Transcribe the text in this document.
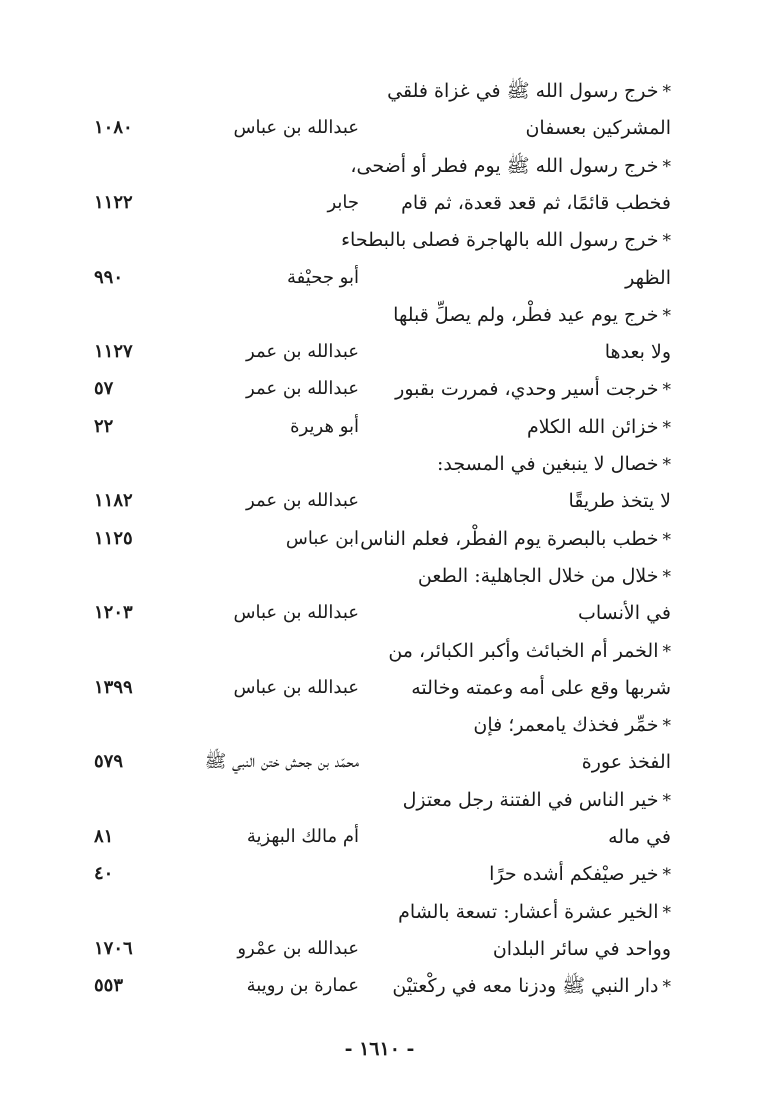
*خرج رسول الله ﷺ في غزاة فلقي
المشركين بعسفان
عبدالله بن عباس
١٠٨٠
*خرج رسول الله ﷺ يوم فطر أو أضحى،
فخطب قائمًا، ثم قعد قعدة، ثم قام
جابر
١١٢٢
*خرج رسول الله بالهاجرة فصلى بالبطحاء
الظهر
أبو جحيْفة
٩٩٠
*خرج يوم عيد فطْر، ولم يصلِّ قبلها
ولا بعدها
عبدالله بن عمر
١١٢٧
*خرجت أسير وحدي، فمررت بقبور
عبدالله بن عمر
٥٧
*خزائن الله الكلام
أبو هريرة
٢٢
*خصال لا ينبغين في المسجد:
لا يتخذ طريقًا
عبدالله بن عمر
١١٨٢
*خطب بالبصرة يوم الفطْر، فعلم الناس
ابن عباس
١١٢٥
*خلال من خلال الجاهلية: الطعن
في الأنساب
عبدالله بن عباس
١٢٠٣
*الخمر أم الخبائث وأكبر الكبائر، من
شربها وقع على أمه وعمته وخالته
عبدالله بن عباس
١٣٩٩
*خمِّر فخذك يامعمر؛ فإن
الفخذ عورة
محمّد بن جحش ختن النبي ﷺ
٥٧٩
*خير الناس في الفتنة رجل معتزل
في ماله
أم مالك البهزية
٨١
*خير صيْفكم أشده حرًا
٤٠
*الخير عشرة أعشار: تسعة بالشام
وواحد في سائر البلدان
عبدالله بن عمْرو
١٧٠٦
*دار النبي ﷺ ودزنا معه في ركْعتيْن
عمارة بن رويبة
٥٥٣
- ١٦١٠ -
